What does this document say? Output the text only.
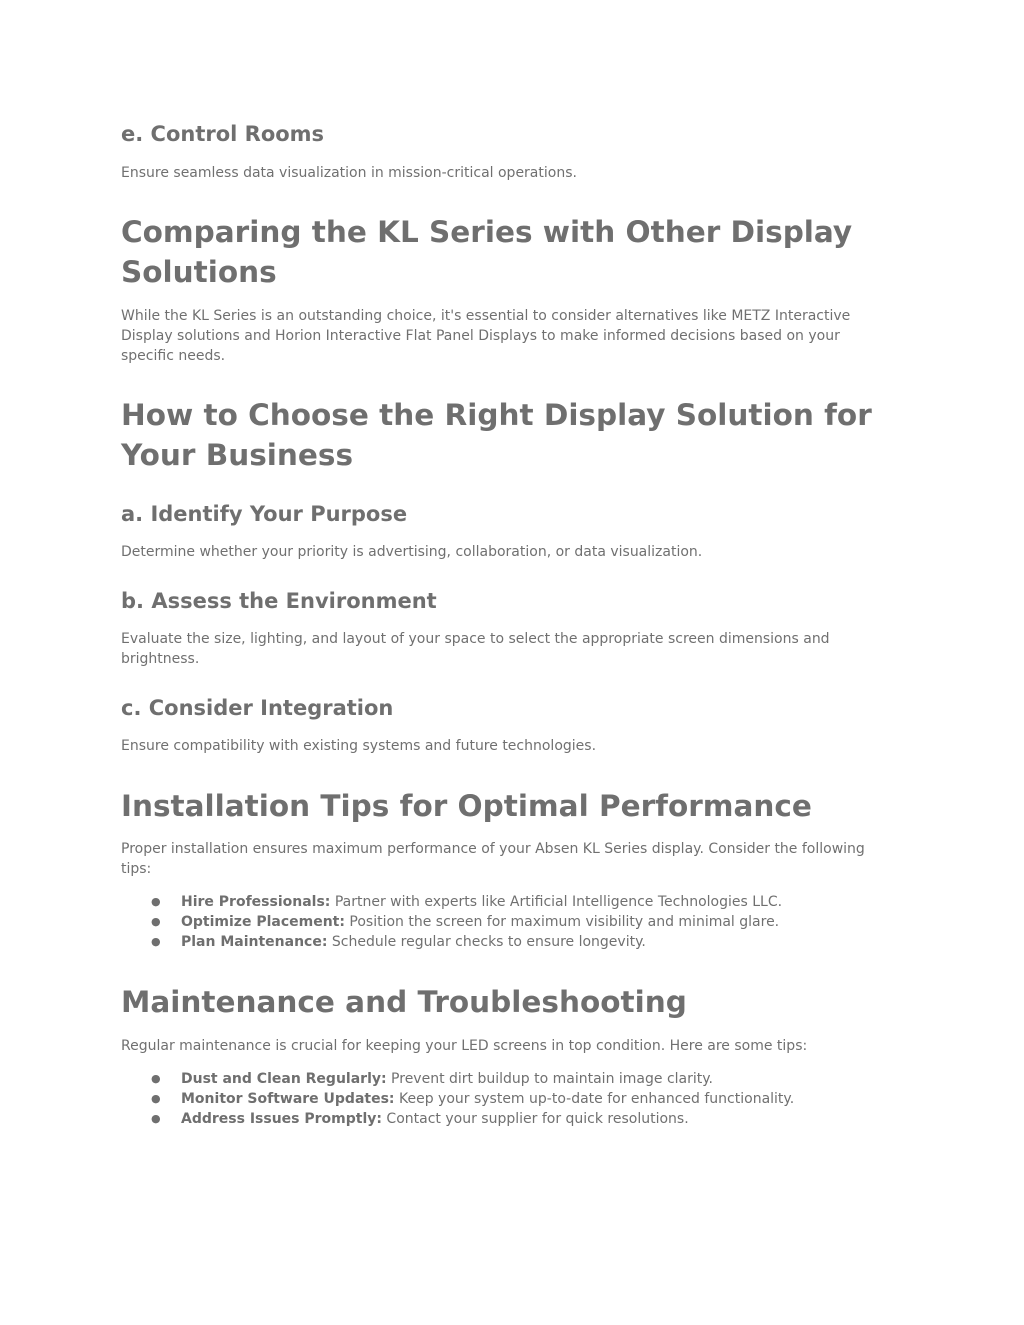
e. Control Rooms

Ensure seamless data visualization in mission-critical operations.

Comparing the KL Series with Other Display Solutions

While the KL Series is an outstanding choice, it's essential to consider alternatives like METZ Interactive Display solutions and Horion Interactive Flat Panel Displays to make informed decisions based on your specific needs.

How to Choose the Right Display Solution for Your Business
a. Identify Your Purpose

Determine whether your priority is advertising, collaboration, or data visualization.

b. Assess the Environment

Evaluate the size, lighting, and layout of your space to select the appropriate screen dimensions and brightness.

c. Consider Integration

Ensure compatibility with existing systems and future technologies.

Installation Tips for Optimal Performance

Proper installation ensures maximum performance of your Absen KL Series display. Consider the following tips:

● Hire Professionals: Partner with experts like Artificial Intelligence Technologies LLC.
● Optimize Placement: Position the screen for maximum visibility and minimal glare.
● Plan Maintenance: Schedule regular checks to ensure longevity.
Maintenance and Troubleshooting

Regular maintenance is crucial for keeping your LED screens in top condition. Here are some tips:

● Dust and Clean Regularly: Prevent dirt buildup to maintain image clarity.
● Monitor Software Updates: Keep your system up-to-date for enhanced functionality.
● Address Issues Promptly: Contact your supplier for quick resolutions.
